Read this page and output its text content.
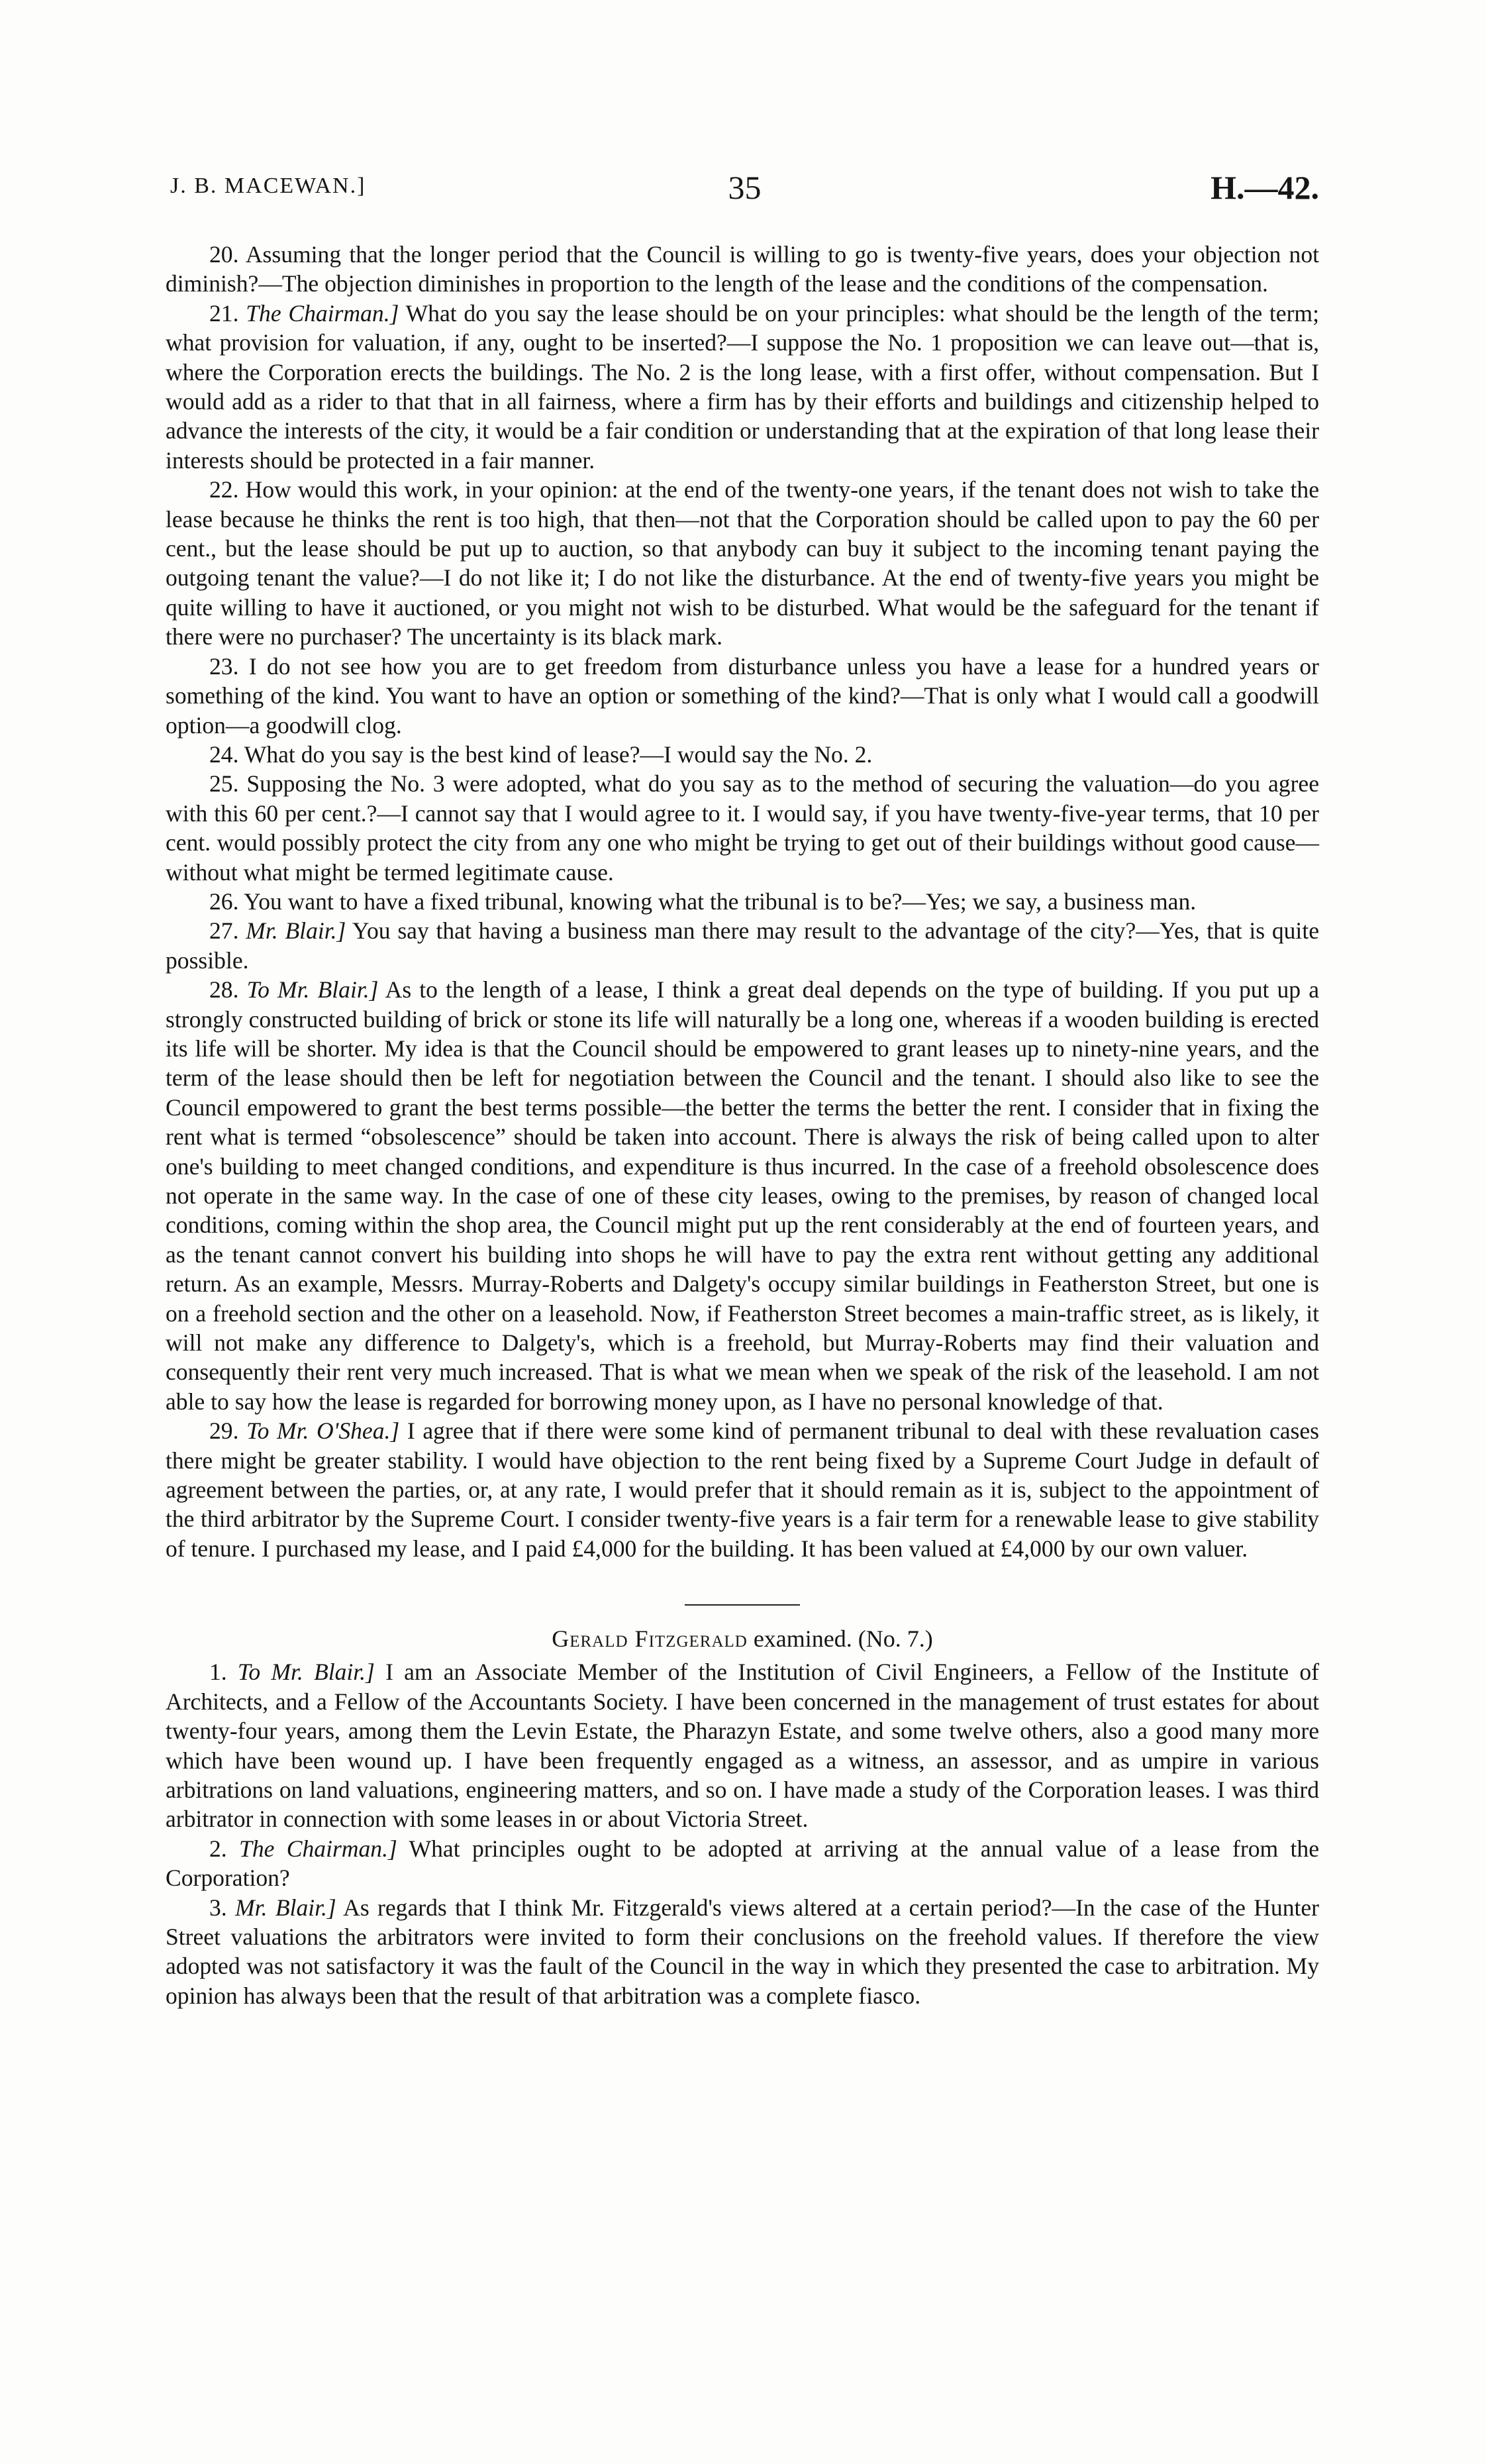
J. B. MACEWAN.]	35	H.—42.

20. Assuming that the longer period that the Council is willing to go is twenty-five years, does your objection not diminish?—The objection diminishes in proportion to the length of the lease and the conditions of the compensation.

21. The Chairman.] What do you say the lease should be on your principles: what should be the length of the term; what provision for valuation, if any, ought to be inserted?—I suppose the No. 1 proposition we can leave out—that is, where the Corporation erects the buildings. The No. 2 is the long lease, with a first offer, without compensation. But I would add as a rider to that that in all fairness, where a firm has by their efforts and buildings and citizenship helped to advance the interests of the city, it would be a fair condition or understanding that at the expiration of that long lease their interests should be protected in a fair manner.

22. How would this work, in your opinion: at the end of the twenty-one years, if the tenant does not wish to take the lease because he thinks the rent is too high, that then—not that the Corporation should be called upon to pay the 60 per cent., but the lease should be put up to auction, so that anybody can buy it subject to the incoming tenant paying the outgoing tenant the value?—I do not like it; I do not like the disturbance. At the end of twenty-five years you might be quite willing to have it auctioned, or you might not wish to be disturbed. What would be the safeguard for the tenant if there were no purchaser? The uncertainty is its black mark.

23. I do not see how you are to get freedom from disturbance unless you have a lease for a hundred years or something of the kind. You want to have an option or something of the kind?—That is only what I would call a goodwill option—a goodwill clog.

24. What do you say is the best kind of lease?—I would say the No. 2.

25. Supposing the No. 3 were adopted, what do you say as to the method of securing the valuation—do you agree with this 60 per cent.?—I cannot say that I would agree to it. I would say, if you have twenty-five-year terms, that 10 per cent. would possibly protect the city from any one who might be trying to get out of their buildings without good cause—without what might be termed legitimate cause.

26. You want to have a fixed tribunal, knowing what the tribunal is to be?—Yes; we say, a business man.

27. Mr. Blair.] You say that having a business man there may result to the advantage of the city?—Yes, that is quite possible.

28. To Mr. Blair.] As to the length of a lease, I think a great deal depends on the type of building. If you put up a strongly constructed building of brick or stone its life will naturally be a long one, whereas if a wooden building is erected its life will be shorter. My idea is that the Council should be empowered to grant leases up to ninety-nine years, and the term of the lease should then be left for negotiation between the Council and the tenant. I should also like to see the Council empowered to grant the best terms possible—the better the terms the better the rent. I consider that in fixing the rent what is termed “obsolescence” should be taken into account. There is always the risk of being called upon to alter one's building to meet changed conditions, and expenditure is thus incurred. In the case of a freehold obsolescence does not operate in the same way. In the case of one of these city leases, owing to the premises, by reason of changed local conditions, coming within the shop area, the Council might put up the rent considerably at the end of fourteen years, and as the tenant cannot convert his building into shops he will have to pay the extra rent without getting any additional return. As an example, Messrs. Murray-Roberts and Dalgety's occupy similar buildings in Featherston Street, but one is on a freehold section and the other on a leasehold. Now, if Featherston Street becomes a main-traffic street, as is likely, it will not make any difference to Dalgety's, which is a freehold, but Murray-Roberts may find their valuation and consequently their rent very much increased. That is what we mean when we speak of the risk of the leasehold. I am not able to say how the lease is regarded for borrowing money upon, as I have no personal knowledge of that.

29. To Mr. O'Shea.] I agree that if there were some kind of permanent tribunal to deal with these revaluation cases there might be greater stability. I would have objection to the rent being fixed by a Supreme Court Judge in default of agreement between the parties, or, at any rate, I would prefer that it should remain as it is, subject to the appointment of the third arbitrator by the Supreme Court. I consider twenty-five years is a fair term for a renewable lease to give stability of tenure. I purchased my lease, and I paid £4,000 for the building. It has been valued at £4,000 by our own valuer.

Gerald Fitzgerald examined. (No. 7.)

1. To Mr. Blair.] I am an Associate Member of the Institution of Civil Engineers, a Fellow of the Institute of Architects, and a Fellow of the Accountants Society. I have been concerned in the management of trust estates for about twenty-four years, among them the Levin Estate, the Pharazyn Estate, and some twelve others, also a good many more which have been wound up. I have been frequently engaged as a witness, an assessor, and as umpire in various arbitrations on land valuations, engineering matters, and so on. I have made a study of the Corporation leases. I was third arbitrator in connection with some leases in or about Victoria Street.

2. The Chairman.] What principles ought to be adopted at arriving at the annual value of a lease from the Corporation?

3. Mr. Blair.] As regards that I think Mr. Fitzgerald's views altered at a certain period?—In the case of the Hunter Street valuations the arbitrators were invited to form their conclusions on the freehold values. If therefore the view adopted was not satisfactory it was the fault of the Council in the way in which they presented the case to arbitration. My opinion has always been that the result of that arbitration was a complete fiasco.
